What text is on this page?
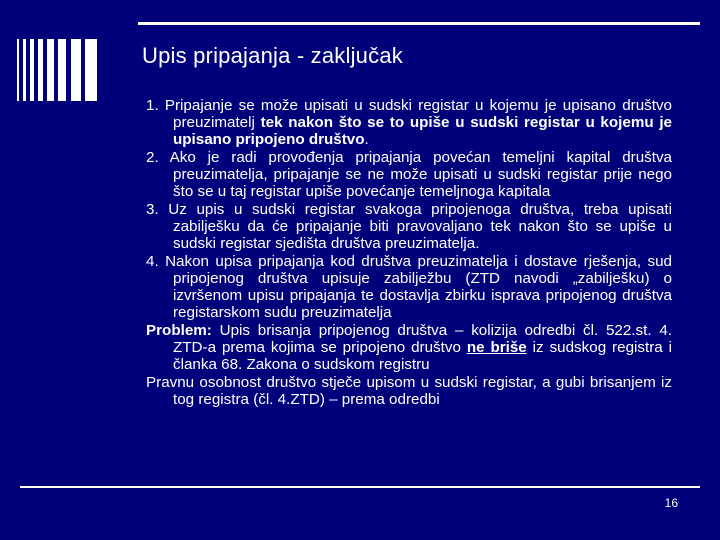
Upis pripajanja - zaključak

1. Pripajanje se može upisati u sudski registar u kojemu je upisano društvo preuzimatelj tek nakon što se to upiše u sudski registar u kojemu je upisano pripojeno društvo.

2. Ako je radi provođenja pripajanja povećan temeljni kapital društva preuzimatelja, pripajanje se ne može upisati u sudski registar prije nego što se u taj registar upiše povećanje temeljnoga kapitala

3. Uz upis u sudski registar svakoga pripojenoga društva, treba upisati zabilješku da će pripajanje biti pravovaljano tek nakon što se upiše u sudski registar sjedišta društva preuzimatelja.

4. Nakon upisa pripajanja kod društva preuzimatelja i dostave rješenja, sud pripojenog društva upisuje zabilježbu (ZTD navodi „zabilješku) o izvršenom upisu pripajanja te dostavlja zbirku isprava pripojenog društva registarskom sudu preuzimatelja

Problem: Upis brisanja pripojenog društva – kolizija odredbi čl. 522.st. 4. ZTD-a prema kojima se pripojeno društvo ne briše iz sudskog registra i članka 68. Zakona o sudskom registru

Pravnu osobnost društvo stječe upisom u sudski registar, a gubi brisanjem iz tog registra (čl. 4.ZTD) – prema odredbi

16
